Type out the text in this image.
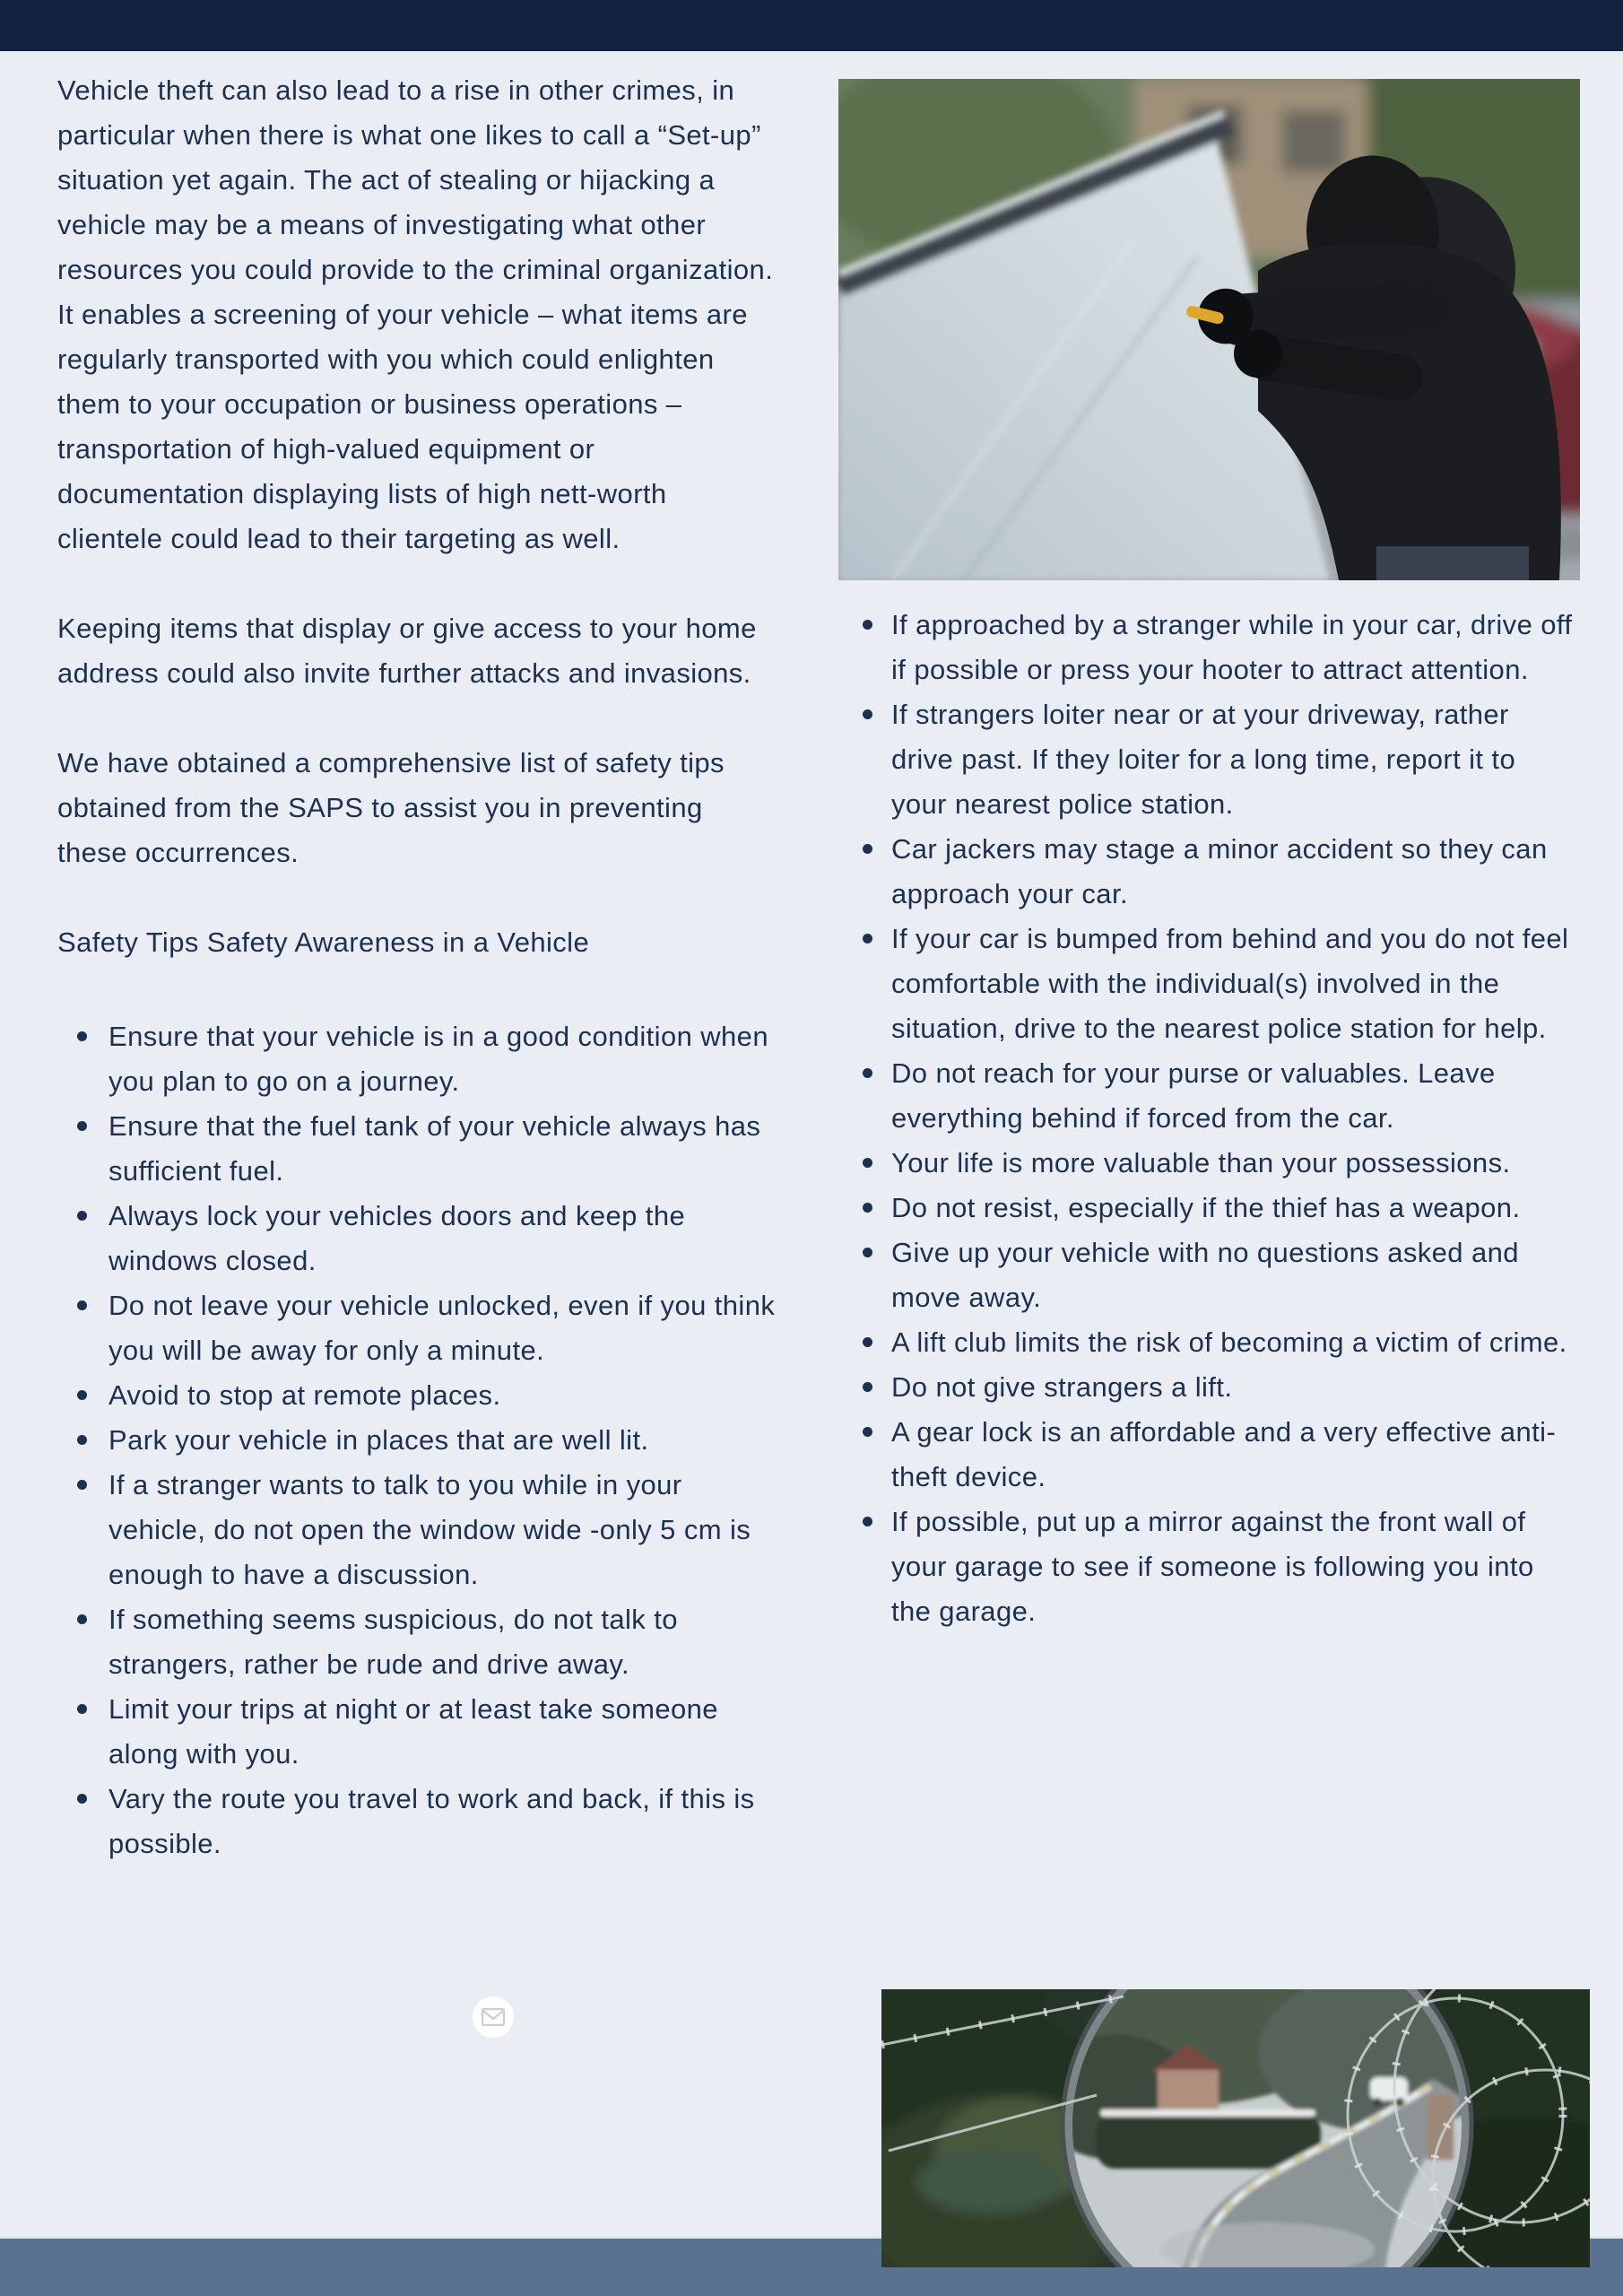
Vehicle theft can also lead to a rise in other crimes, in particular when there is what one likes to call a “Set-up” situation yet again. The act of stealing or hijacking a vehicle may be a means of investigating what other resources you could provide to the criminal organization. It enables a screening of your vehicle – what items are regularly transported with you which could enlighten them to your occupation or business operations – transportation of high-valued equipment or documentation displaying lists of high nett-worth clientele could lead to their targeting as well.

Keeping items that display or give access to your home address could also invite further attacks and invasions.

We have obtained a comprehensive list of safety tips obtained from the SAPS to assist you in preventing these occurrences.

Safety Tips Safety Awareness in a Vehicle

Ensure that your vehicle is in a good condition when you plan to go on a journey.
Ensure that the fuel tank of your vehicle always has sufficient fuel.
Always lock your vehicles doors and keep the windows closed.
Do not leave your vehicle unlocked, even if you think you will be away for only a minute.
Avoid to stop at remote places.
Park your vehicle in places that are well lit.
If a stranger wants to talk to you while in your vehicle, do not open the window wide -only 5 cm is enough to have a discussion.
If something seems suspicious, do not talk to strangers, rather be rude and drive away.
Limit your trips at night or at least take someone along with you.
Vary the route you travel to work and back, if this is possible.
If approached by a stranger while in your car, drive off if possible or press your hooter to attract attention.
If strangers loiter near or at your driveway, rather drive past. If they loiter for a long time, report it to your nearest police station.
Car jackers may stage a minor accident so they can approach your car.
If your car is bumped from behind and you do not feel comfortable with the individual(s) involved in the situation, drive to the nearest police station for help.
Do not reach for your purse or valuables. Leave everything behind if forced from the car.
Your life is more valuable than your possessions.
Do not resist, especially if the thief has a weapon.
Give up your vehicle with no questions asked and move away.
A lift club limits the risk of becoming a victim of crime.
Do not give strangers a lift.
A gear lock is an affordable and a very effective anti-theft device.
If possible, put up a mirror against the front wall of your garage to see if someone is following you into the garage.
